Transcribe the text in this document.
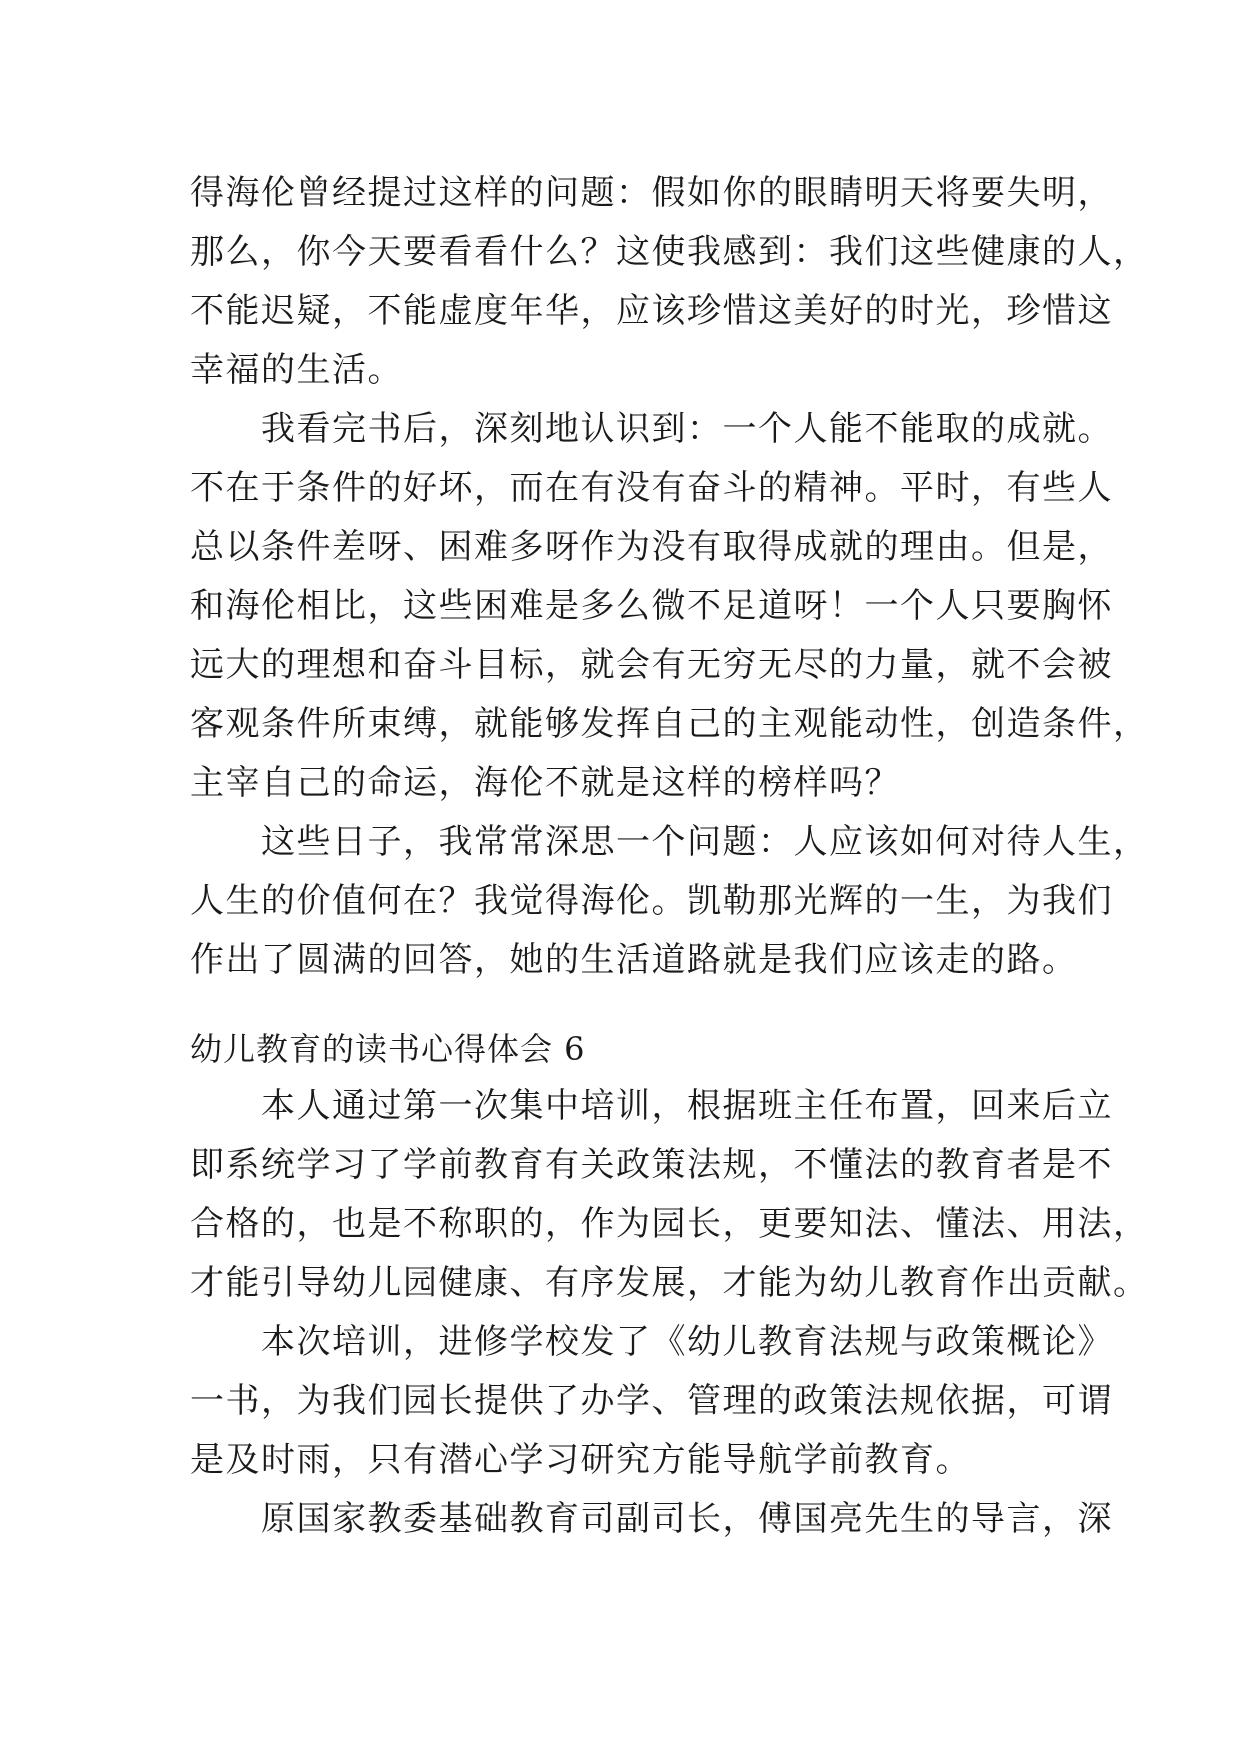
得海伦曾经提过这样的问题：假如你的眼睛明天将要失明，
那么，你今天要看看什么？这使我感到：我们这些健康的人，
不能迟疑，不能虚度年华，应该珍惜这美好的时光，珍惜这
幸福的生活。
　　我看完书后，深刻地认识到：一个人能不能取的成就。
不在于条件的好坏，而在有没有奋斗的精神。平时，有些人
总以条件差呀、困难多呀作为没有取得成就的理由。但是，
和海伦相比，这些困难是多么微不足道呀！一个人只要胸怀
远大的理想和奋斗目标，就会有无穷无尽的力量，就不会被
客观条件所束缚，就能够发挥自己的主观能动性，创造条件，
主宰自己的命运，海伦不就是这样的榜样吗？
　　这些日子，我常常深思一个问题：人应该如何对待人生，
人生的价值何在？我觉得海伦。凯勒那光辉的一生，为我们
作出了圆满的回答，她的生活道路就是我们应该走的路。
幼儿教育的读书心得体会 6
　　本人通过第一次集中培训，根据班主任布置，回来后立
即系统学习了学前教育有关政策法规，不懂法的教育者是不
合格的，也是不称职的，作为园长，更要知法、懂法、用法，
才能引导幼儿园健康、有序发展，才能为幼儿教育作出贡献。
　　本次培训，进修学校发了《幼儿教育法规与政策概论》
一书，为我们园长提供了办学、管理的政策法规依据，可谓
是及时雨，只有潜心学习研究方能导航学前教育。
　　原国家教委基础教育司副司长，傅国亮先生的导言，深
